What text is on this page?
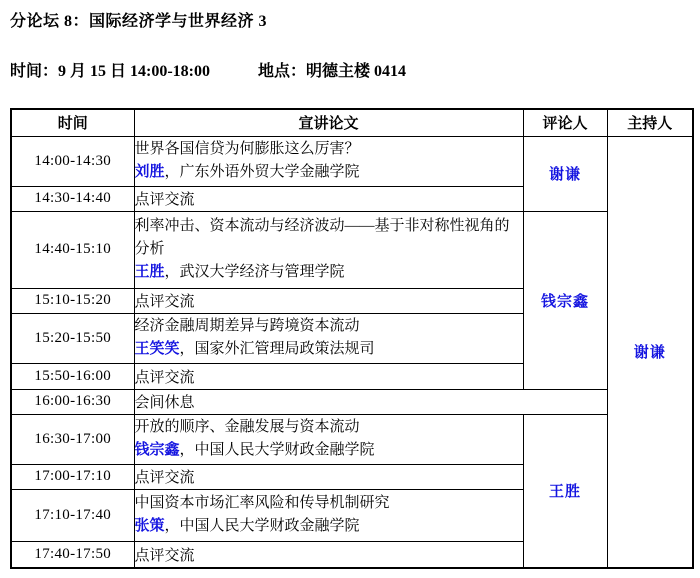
分论坛 8：国际经济学与世界经济 3
时间：9 月 15 日 14:00-18:00	地点：明德主楼 0414
时间	宣讲论文	评论人	主持人
14:00-14:30	世界各国信贷为何膨胀这么厉害？
刘胜，广东外语外贸大学金融学院	谢谦	谢谦
14:30-14:40	点评交流		
14:40-15:10	利率冲击、资本流动与经济波动——基于非对称性视角的分析
王胜，武汉大学经济与管理学院	钱宗鑫	
15:10-15:20	点评交流		
15:20-15:50	经济金融周期差异与跨境资本流动
王笑笑，国家外汇管理局政策法规司		

15:50-16:00	点评交流		
16:00-16:30	会间休息		
16:30-17:00	开放的顺序、金融发展与资本流动
钱宗鑫，中国人民大学财政金融学院	王胜	
17:00-17:10	点评交流		
17:10-17:40	中国资本市场汇率风险和传导机制研究
张策，中国人民大学财政金融学院		

17:40-17:50	点评交流		
